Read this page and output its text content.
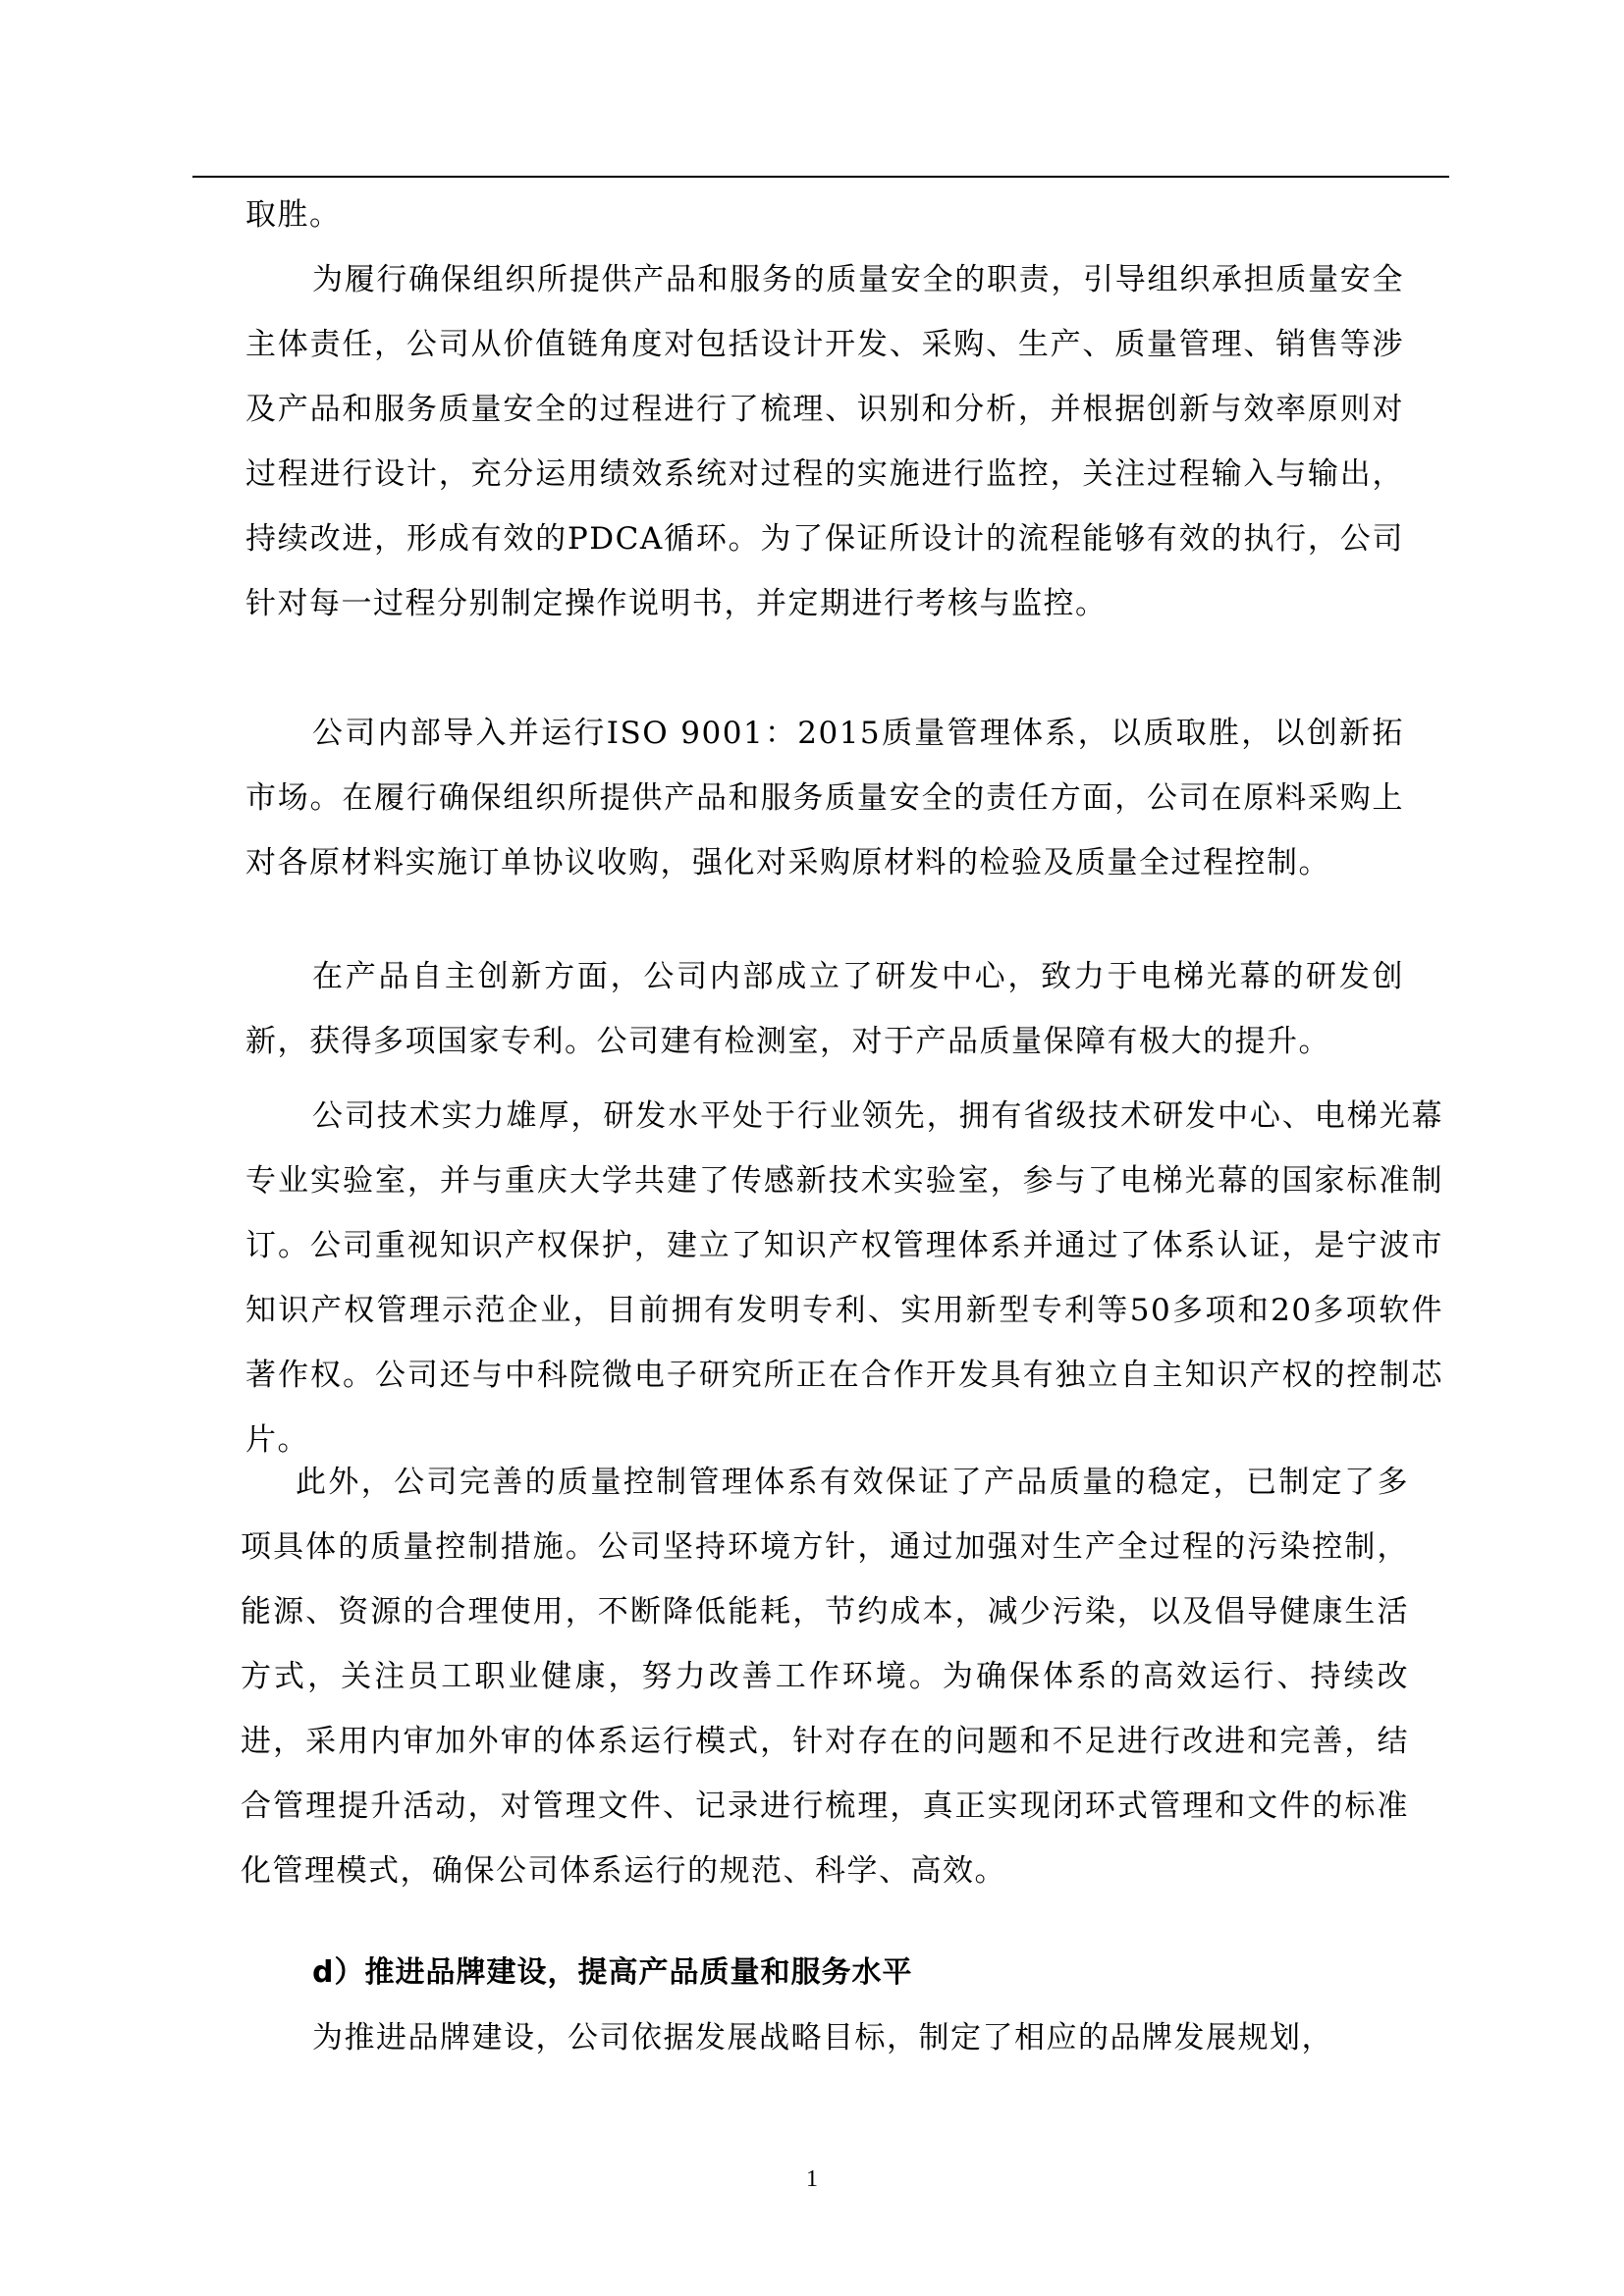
取胜。

为履行确保组织所提供产品和服务的质量安全的职责，引导组织承担质量安全主体责任，公司从价值链角度对包括设计开发、采购、生产、质量管理、销售等涉及产品和服务质量安全的过程进行了梳理、识别和分析，并根据创新与效率原则对过程进行设计，充分运用绩效系统对过程的实施进行监控，关注过程输入与输出，持续改进，形成有效的PDCA循环。为了保证所设计的流程能够有效的执行，公司针对每一过程分别制定操作说明书，并定期进行考核与监控。

公司内部导入并运行ISO 9001：2015质量管理体系，以质取胜，以创新拓市场。在履行确保组织所提供产品和服务质量安全的责任方面，公司在原料采购上对各原材料实施订单协议收购，强化对采购原材料的检验及质量全过程控制。

在产品自主创新方面，公司内部成立了研发中心，致力于电梯光幕的研发创新，获得多项国家专利。公司建有检测室，对于产品质量保障有极大的提升。

公司技术实力雄厚，研发水平处于行业领先，拥有省级技术研发中心、电梯光幕专业实验室，并与重庆大学共建了传感新技术实验室，参与了电梯光幕的国家标准制订。公司重视知识产权保护，建立了知识产权管理体系并通过了体系认证，是宁波市知识产权管理示范企业，目前拥有发明专利、实用新型专利等50多项和20多项软件著作权。公司还与中科院微电子研究所正在合作开发具有独立自主知识产权的控制芯片。

此外，公司完善的质量控制管理体系有效保证了产品质量的稳定，已制定了多项具体的质量控制措施。公司坚持环境方针，通过加强对生产全过程的污染控制，能源、资源的合理使用，不断降低能耗，节约成本，减少污染，以及倡导健康生活方式，关注员工职业健康，努力改善工作环境。为确保体系的高效运行、持续改进，采用内审加外审的体系运行模式，针对存在的问题和不足进行改进和完善，结合管理提升活动，对管理文件、记录进行梳理，真正实现闭环式管理和文件的标准化管理模式，确保公司体系运行的规范、科学、高效。

d）推进品牌建设，提高产品质量和服务水平

为推进品牌建设，公司依据发展战略目标，制定了相应的品牌发展规划，

1
